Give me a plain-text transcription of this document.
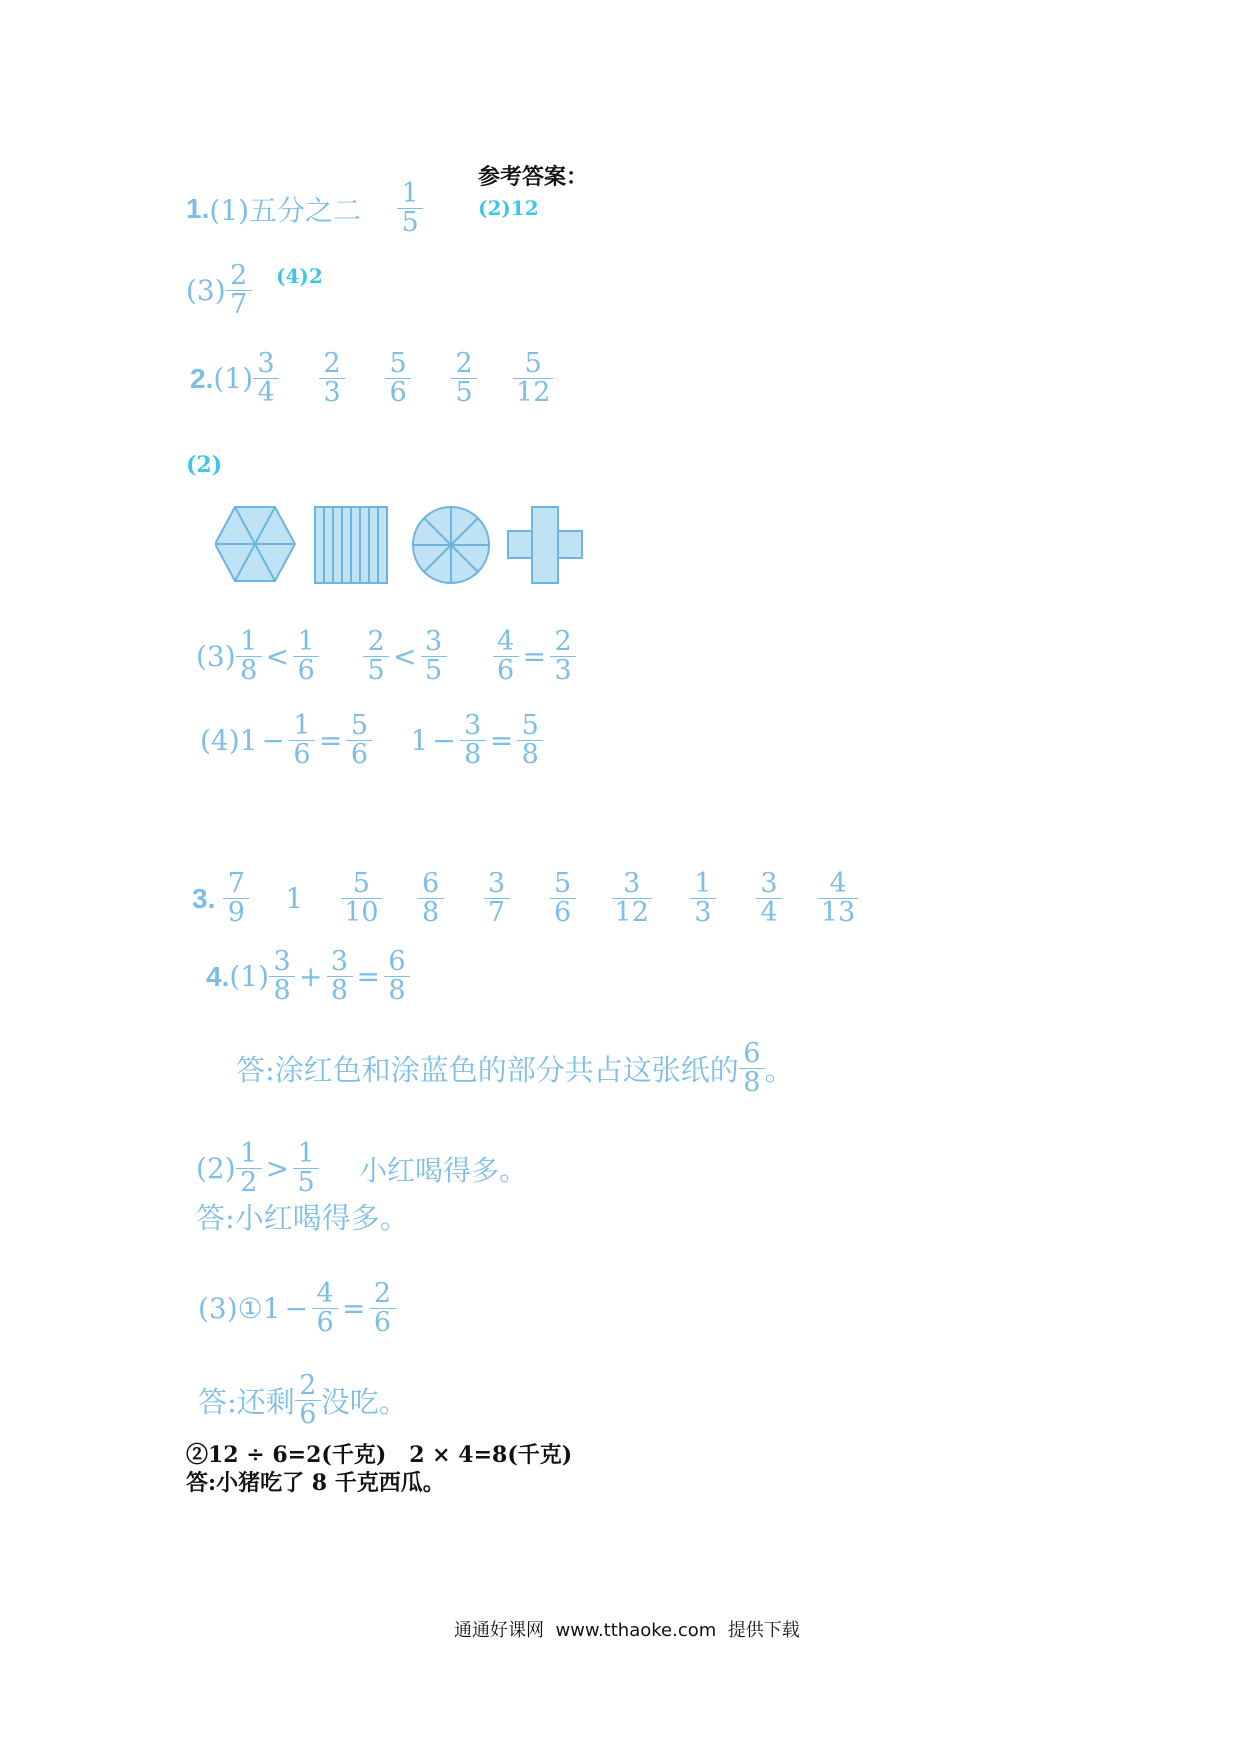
参考答案：
1. (1)五分之二
1
5	(2)12
(3) 2
7
(4)2
2. (1) 3
4
2
3
5
6
2
5
5
12
(2)
(3) 1
8 < 1
6
2
5 < 3
5
4
6 = 2
3
(4) 1 − 1
6 = 5
6 1 − 3
8 = 5
8
3. 7
9 1 5
10
6
8
3
7
5
6
3
12
1
3
3
4
4
13
4. (1) 3
8 + 3
8 = 6
8
答:涂红色和涂蓝色的部分共占这张纸的 6
8 。
(2) 1
2 > 1
5 小红喝得多。
答:小红喝得多。
(3)①1 − 4
6 = 2
6
答:还剩 2
6 没吃。
②12 ÷ 6=2(千克)   2 × 4=8(千克)
答:小猪吃了 8 千克西瓜。
通通好课网  www.tthaoke.com  提供下载
